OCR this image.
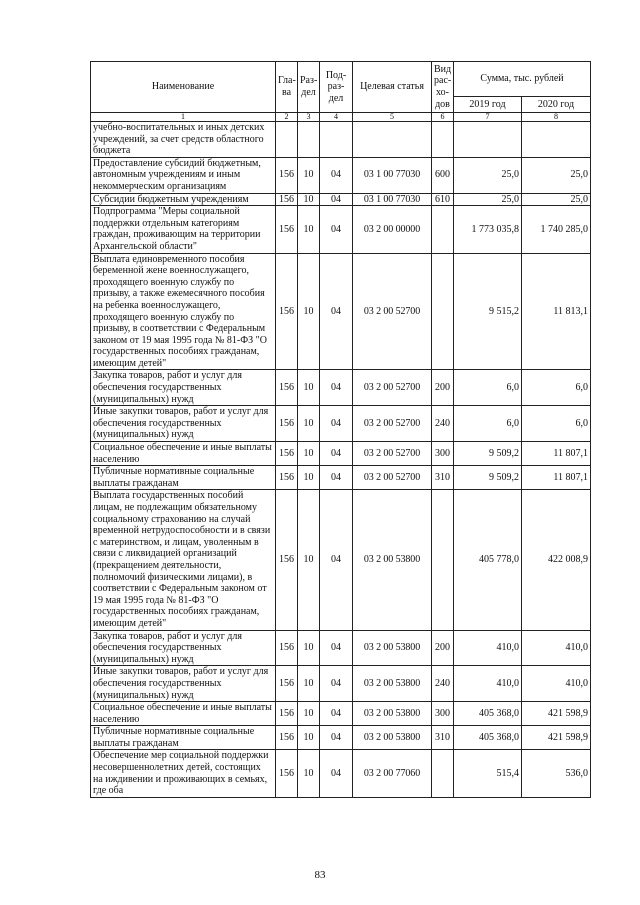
Наименование	Гла-ва	Раз-дел	Под-раз-дел	Целевая статья	Вид рас-хо-дов	Сумма, тыс. рублей	
						2019 год	2020 год
1	2	3	4	5	6	7	8
учебно-воспитательных и иных детских учреждений, за счет средств областного бюджета							
Предоставление субсидий бюджетным, автономным учреждениям и иным некоммерческим организациям	156	10	04	03 1 00 77030	600	25,0	25,0
Субсидии бюджетным учреждениям	156	10	04	03 1 00 77030	610	25,0	25,0
Подпрограмма "Меры социальной поддержки отдельным категориям граждан, проживающим на территории Архангельской области"	156	10	04	03 2 00 00000		1 773 035,8	1 740 285,0
Выплата единовременного пособия беременной жене военнослужащего, проходящего военную службу по призыву, а также ежемесячного пособия на ребенка военнослужащего, проходящего военную службу по призыву, в соответствии с Федеральным законом от 19 мая 1995 года № 81-ФЗ "О государственных пособиях гражданам, имеющим детей"	156	10	04	03 2 00 52700		9 515,2	11 813,1
Закупка товаров, работ и услуг для обеспечения государственных (муниципальных) нужд	156	10	04	03 2 00 52700	200	6,0	6,0
Иные закупки товаров, работ и услуг для обеспечения государственных (муниципальных) нужд	156	10	04	03 2 00 52700	240	6,0	6,0
Социальное обеспечение и иные выплаты населению	156	10	04	03 2 00 52700	300	9 509,2	11 807,1
Публичные нормативные социальные выплаты гражданам	156	10	04	03 2 00 52700	310	9 509,2	11 807,1
Выплата государственных пособий лицам, не подлежащим обязательному социальному страхованию на случай временной нетрудоспособности и в связи с материнством, и лицам, уволенным в связи с ликвидацией организаций (прекращением деятельности, полномочий физическими лицами), в соответствии с Федеральным законом от 19 мая 1995 года № 81-ФЗ "О государственных пособиях гражданам, имеющим детей"	156	10	04	03 2 00 53800		405 778,0	422 008,9
Закупка товаров, работ и услуг для обеспечения государственных (муниципальных) нужд	156	10	04	03 2 00 53800	200	410,0	410,0
Иные закупки товаров, работ и услуг для обеспечения государственных (муниципальных) нужд	156	10	04	03 2 00 53800	240	410,0	410,0
Социальное обеспечение и иные выплаты населению	156	10	04	03 2 00 53800	300	405 368,0	421 598,9
Публичные нормативные социальные выплаты гражданам	156	10	04	03 2 00 53800	310	405 368,0	421 598,9
Обеспечение мер социальной поддержки несовершеннолетних детей, состоящих на иждивении и проживающих в семьях, где оба	156	10	04	03 2 00 77060		515,4	536,0
83
